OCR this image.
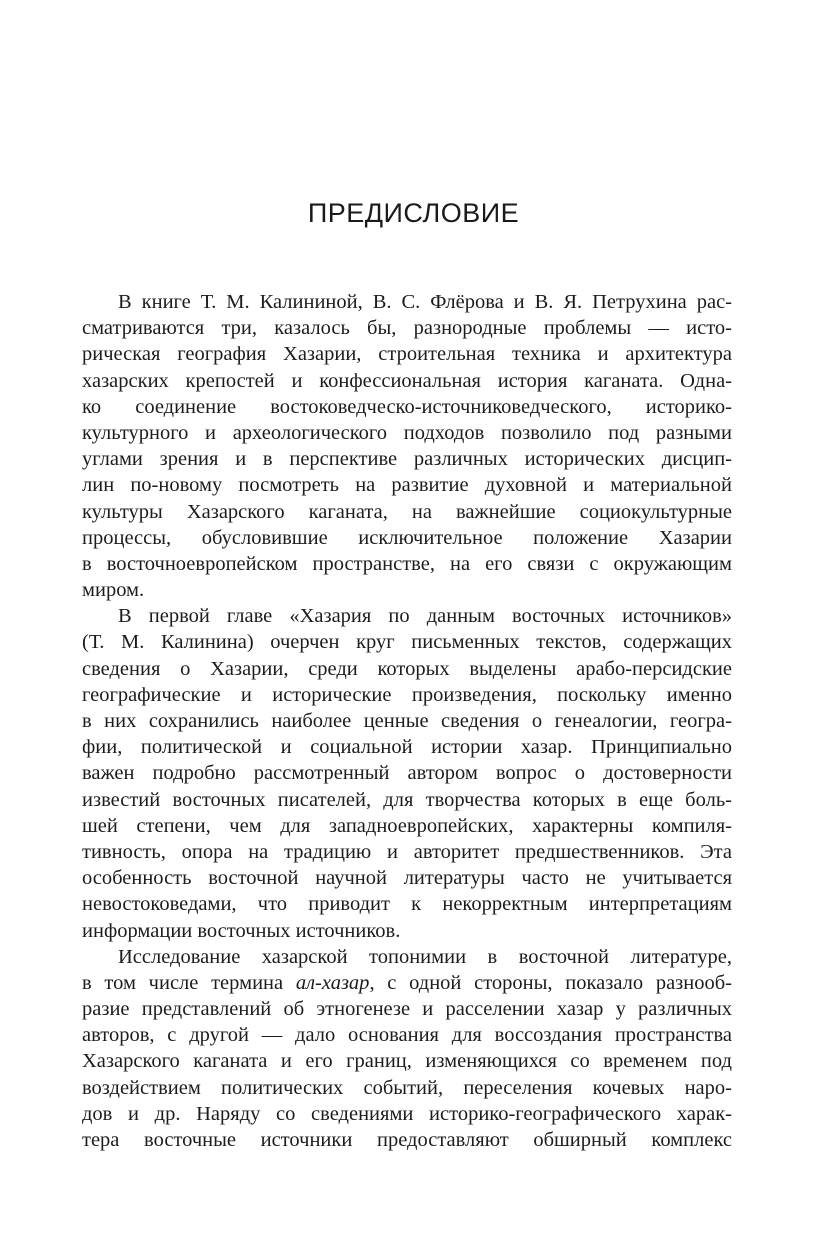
ПРЕДИСЛОВИЕ
В книге Т. М. Калининой, В. С. Флёрова и В. Я. Петрухина рас-
сматриваются три, казалось бы, разнородные проблемы — исто-
рическая география Хазарии, строительная техника и архитектура
хазарских крепостей и конфессиональная история каганата. Одна-
ко соединение востоковедческо-источниковедческого, историко-
культурного и археологического подходов позволило под разными
углами зрения и в перспективе различных исторических дисцип-
лин по-новому посмотреть на развитие духовной и материальной
культуры Хазарского каганата, на важнейшие социокультурные
процессы, обусловившие исключительное положение Хазарии
в восточноевропейском пространстве, на его связи с окружающим
миром.
В первой главе «Хазария по данным восточных источников»
(Т. М. Калинина) очерчен круг письменных текстов, содержащих
сведения о Хазарии, среди которых выделены арабо-персидские
географические и исторические произведения, поскольку именно
в них сохранились наиболее ценные сведения о генеалогии, геогра-
фии, политической и социальной истории хазар. Принципиально
важен подробно рассмотренный автором вопрос о достоверности
известий восточных писателей, для творчества которых в еще боль-
шей степени, чем для западноевропейских, характерны компиля-
тивность, опора на традицию и авторитет предшественников. Эта
особенность восточной научной литературы часто не учитывается
невостоковедами, что приводит к некорректным интерпретациям
информации восточных источников.
Исследование хазарской топонимии в восточной литературе,
в том числе термина ал-хазар, с одной стороны, показало разнооб-
разие представлений об этногенезе и расселении хазар у различных
авторов, с другой — дало основания для воссоздания пространства
Хазарского каганата и его границ, изменяющихся со временем под
воздействием политических событий, переселения кочевых наро-
дов и др. Наряду со сведениями историко-географического харак-
тера восточные источники предоставляют обширный комплекс
